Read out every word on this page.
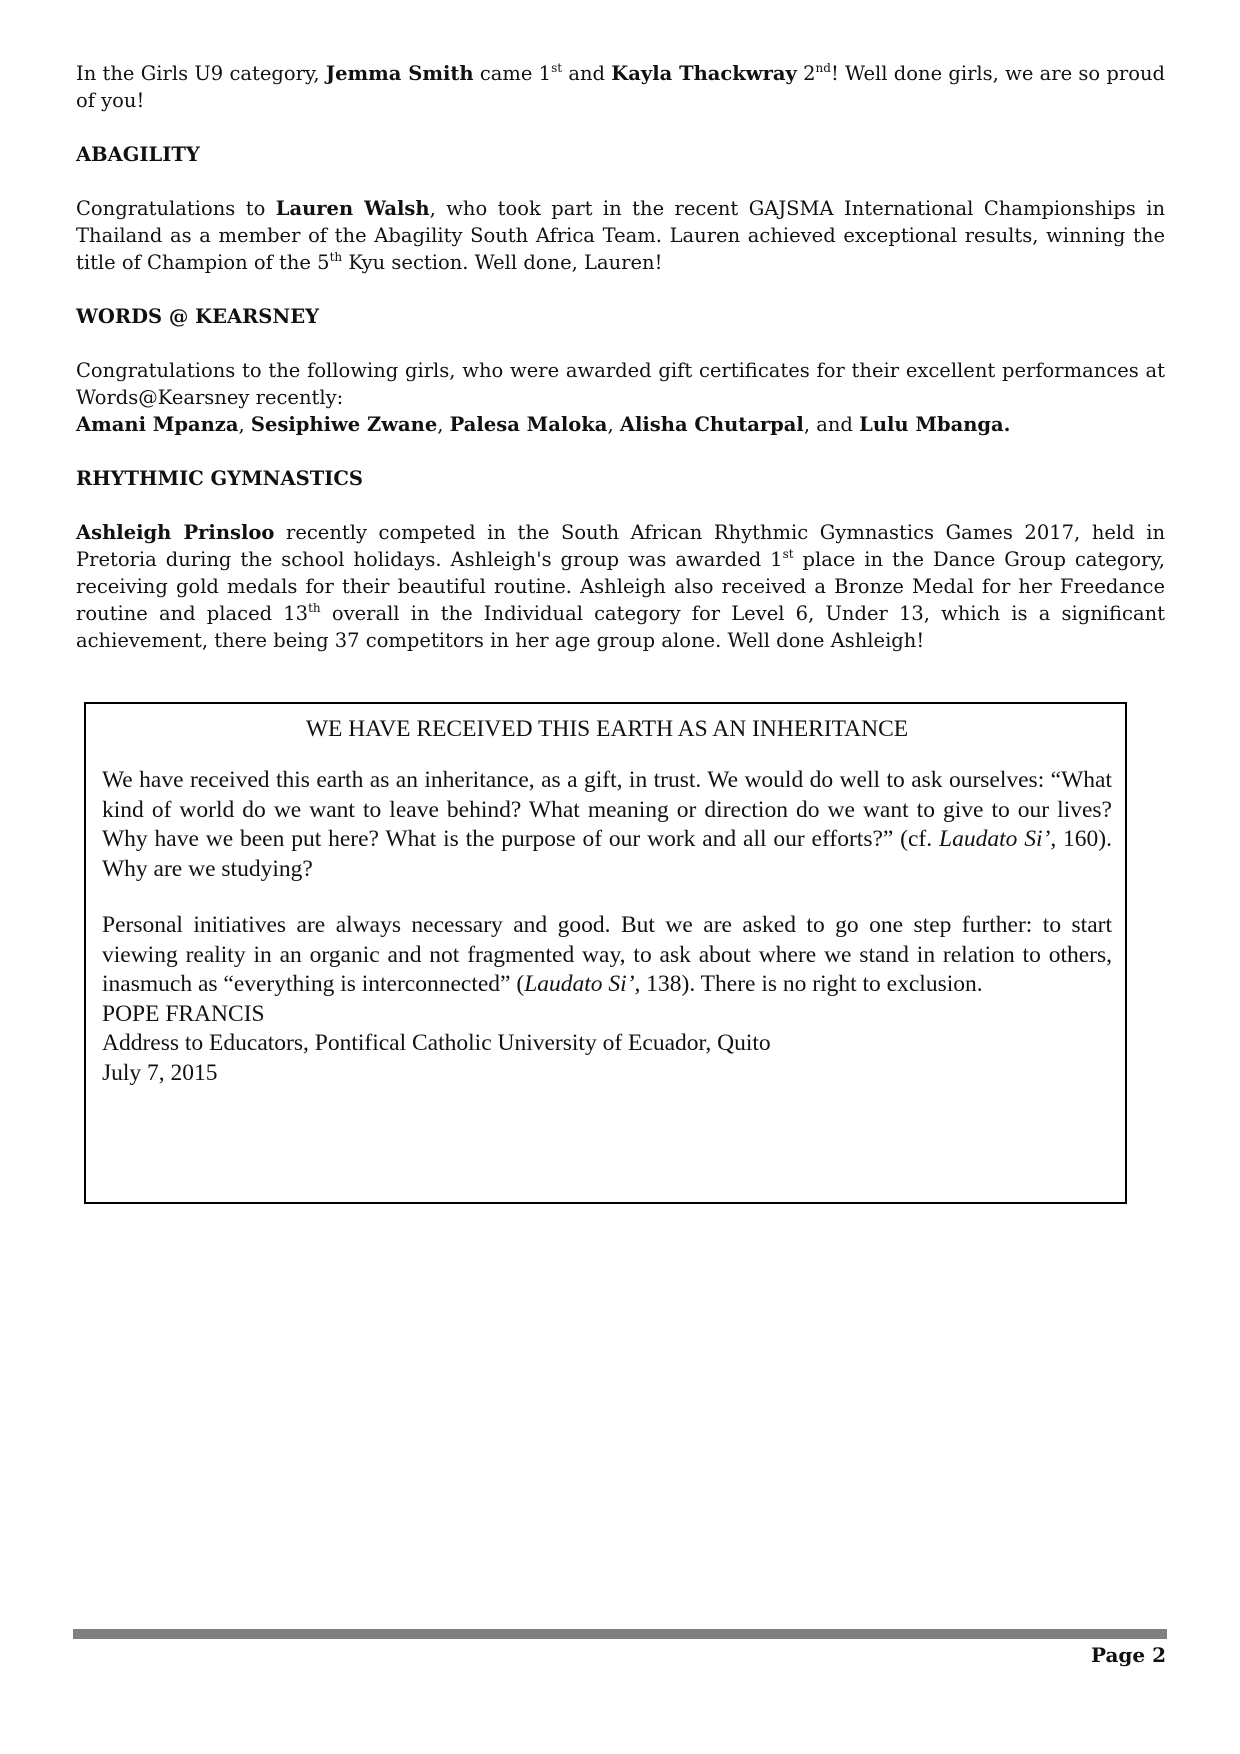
In the Girls U9 category, Jemma Smith came 1st and Kayla Thackwray 2nd! Well done girls, we are so proud of you!

ABAGILITY

Congratulations to Lauren Walsh, who took part in the recent GAJSMA International Championships in Thailand as a member of the Abagility South Africa Team. Lauren achieved exceptional results, winning the title of Champion of the 5th Kyu section. Well done, Lauren!

WORDS @ KEARSNEY

Congratulations to the following girls, who were awarded gift certificates for their excellent performances at Words@Kearsney recently:

Amani Mpanza, Sesiphiwe Zwane, Palesa Maloka, Alisha Chutarpal, and Lulu Mbanga.

RHYTHMIC GYMNASTICS

Ashleigh Prinsloo recently competed in the South African Rhythmic Gymnastics Games 2017, held in Pretoria during the school holidays. Ashleigh's group was awarded 1st place in the Dance Group category, receiving gold medals for their beautiful routine. Ashleigh also received a Bronze Medal for her Freedance routine and placed 13th overall in the Individual category for Level 6, Under 13, which is a significant achievement, there being 37 competitors in her age group alone. Well done Ashleigh!

WE HAVE RECEIVED THIS EARTH AS AN INHERITANCE

We have received this earth as an inheritance, as a gift, in trust. We would do well to ask ourselves: “What kind of world do we want to leave behind? What meaning or direction do we want to give to our lives? Why have we been put here? What is the purpose of our work and all our efforts?” (cf. Laudato Si’, 160). Why are we studying?

Personal initiatives are always necessary and good. But we are asked to go one step further: to start viewing reality in an organic and not fragmented way, to ask about where we stand in relation to others, inasmuch as “everything is interconnected” (Laudato Si’, 138). There is no right to exclusion.

POPE FRANCIS

Address to Educators, Pontifical Catholic University of Ecuador, Quito

July 7, 2015

Page 2
